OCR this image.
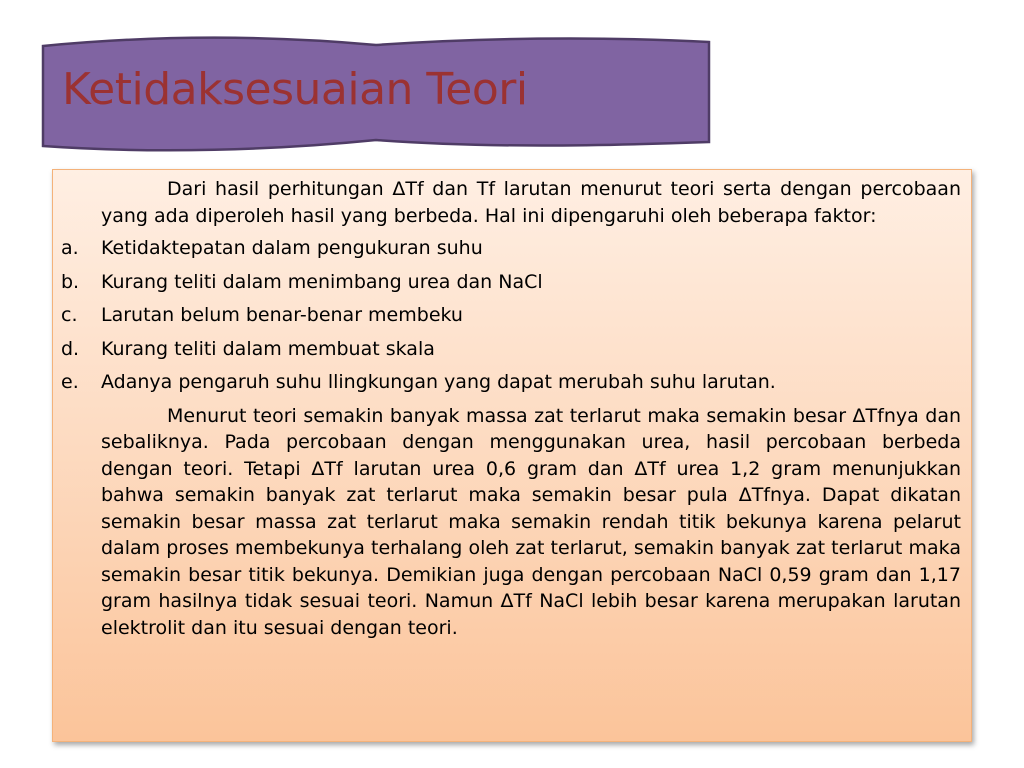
Ketidaksesuaian Teori

Dari hasil perhitungan ΔTf dan Tf larutan menurut teori serta dengan percobaan yang ada diperoleh hasil yang berbeda. Hal ini dipengaruhi oleh beberapa faktor:

a.	Ketidaktepatan dalam pengukuran suhu
b.	Kurang teliti dalam menimbang urea dan NaCl
c.	Larutan belum benar-benar membeku
d.	Kurang teliti dalam membuat skala
e.	Adanya pengaruh suhu llingkungan yang dapat merubah suhu larutan.

Menurut teori semakin banyak massa zat terlarut maka semakin besar ΔTfnya dan sebaliknya. Pada percobaan dengan menggunakan urea, hasil percobaan berbeda dengan teori. Tetapi ΔTf larutan urea 0,6 gram dan ΔTf urea 1,2 gram menunjukkan bahwa semakin banyak zat terlarut maka semakin besar pula ΔTfnya. Dapat dikatan semakin besar massa zat terlarut maka semakin rendah titik bekunya karena pelarut dalam proses membekunya terhalang oleh zat terlarut, semakin banyak zat terlarut maka semakin besar titik bekunya. Demikian juga dengan percobaan NaCl 0,59 gram dan 1,17 gram hasilnya tidak sesuai teori. Namun ΔTf NaCl lebih besar karena merupakan larutan elektrolit dan itu sesuai dengan teori.
